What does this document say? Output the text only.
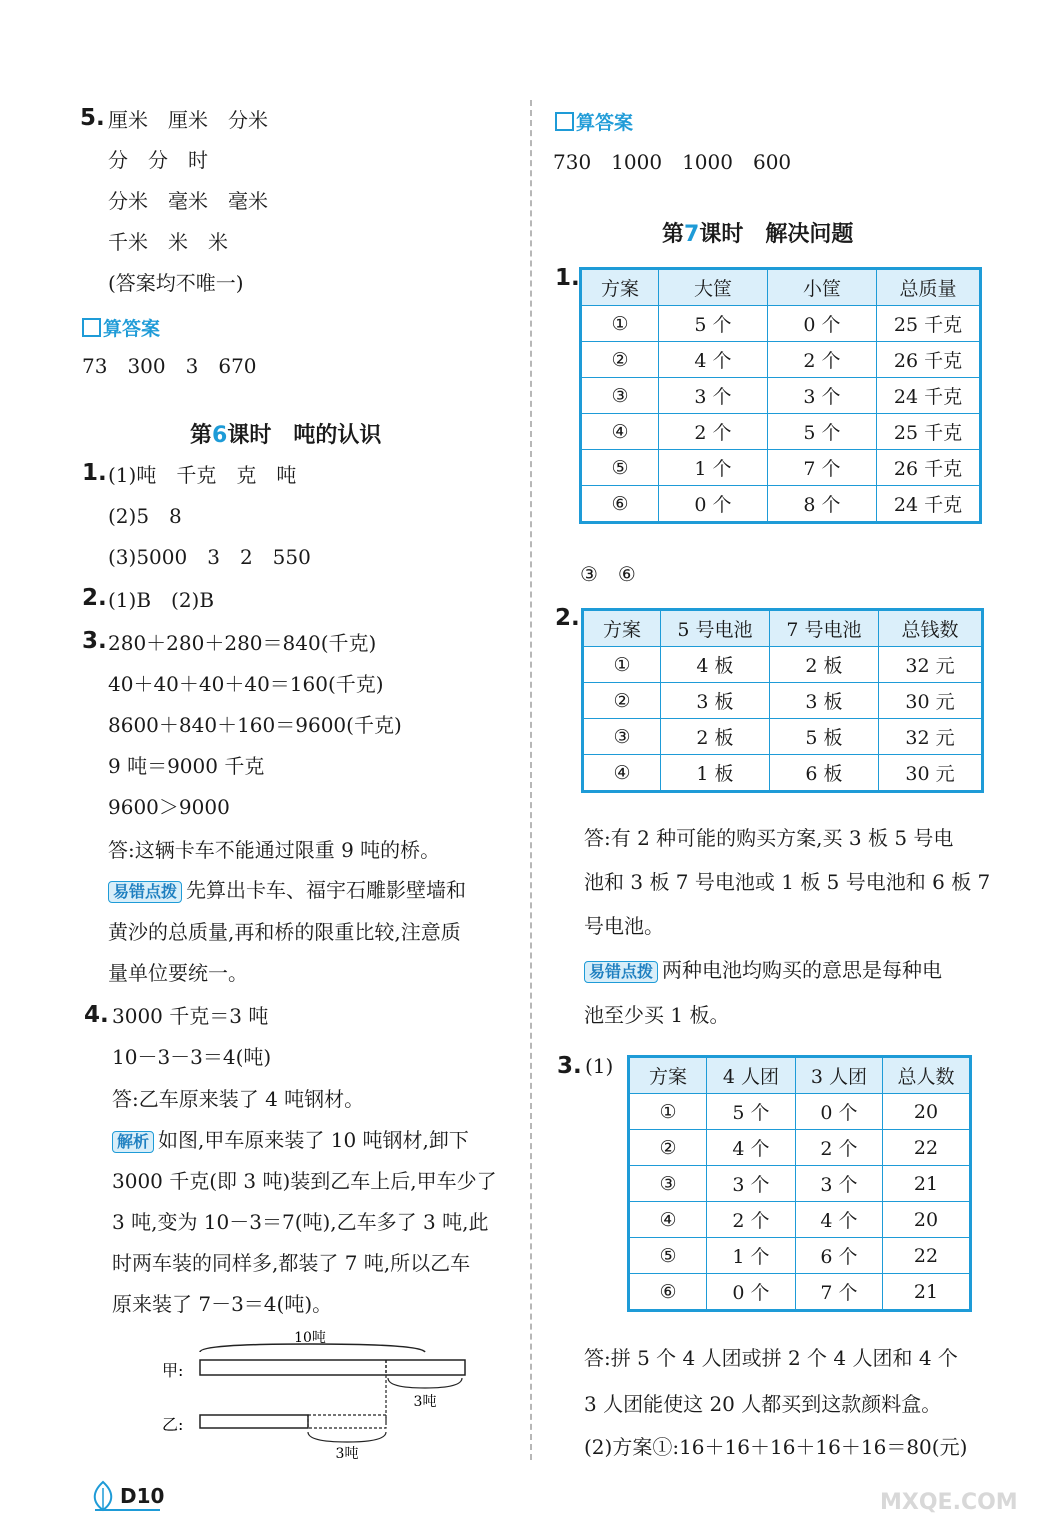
5. 厘米　厘米　分米
分　分　时
分米　毫米　毫米
千米　米　米
(答案均不唯一)
算答案
73　300　3　670
第6课时　吨的认识
1. (1)吨　千克　克　吨
(2)5　8
(3)5000　3　2　550
2. (1)B　(2)B
3. 280＋280＋280＝840(千克)
40＋40＋40＋40＝160(千克)
8600＋840＋160＝9600(千克)
9 吨＝9000 千克
9600＞9000
答:这辆卡车不能通过限重 9 吨的桥。
易错点拨 先算出卡车、福宇石雕影壁墙和
黄沙的总质量,再和桥的限重比较,注意质
量单位要统一。
4. 3000 千克＝3 吨
10－3－3＝4(吨)
答:乙车原来装了 4 吨钢材。
解析 如图,甲车原来装了 10 吨钢材,卸下
3000 千克(即 3 吨)装到乙车上后,甲车少了
3 吨,变为 10－3＝7(吨),乙车多了 3 吨,此
时两车装的同样多,都装了 7 吨,所以乙车
原来装了 7－3＝4(吨)。
10吨
甲:
3吨
乙:
3吨
算答案
730　1000　1000　600
第7课时　解决问题
1. 方案	大筐	小筐	总质量
①	5 个	0 个	25 千克
②	4 个	2 个	26 千克
③	3 个	3 个	24 千克
④	2 个	5 个	25 千克
⑤	1 个	7 个	26 千克
⑥	0 个	8 个	24 千克
③　⑥
2. 方案	5 号电池	7 号电池	总钱数
①	4 板	2 板	32 元
②	3 板	3 板	30 元
③	2 板	5 板	32 元
④	1 板	6 板	30 元
答:有 2 种可能的购买方案,买 3 板 5 号电
池和 3 板 7 号电池或 1 板 5 号电池和 6 板 7
号电池。
易错点拨 两种电池均购买的意思是每种电
池至少买 1 板。
3. (1) 方案	4 人团	3 人团	总人数
①	5 个	0 个	20
②	4 个	2 个	22
③	3 个	3 个	21
④	2 个	4 个	20
⑤	1 个	6 个	22
⑥	0 个	7 个	21
答:拼 5 个 4 人团或拼 2 个 4 人团和 4 个
3 人团能使这 20 人都买到这款颜料盒。
(2)方案①:16＋16＋16＋16＋16＝80(元)
D10	MXQE.COM
